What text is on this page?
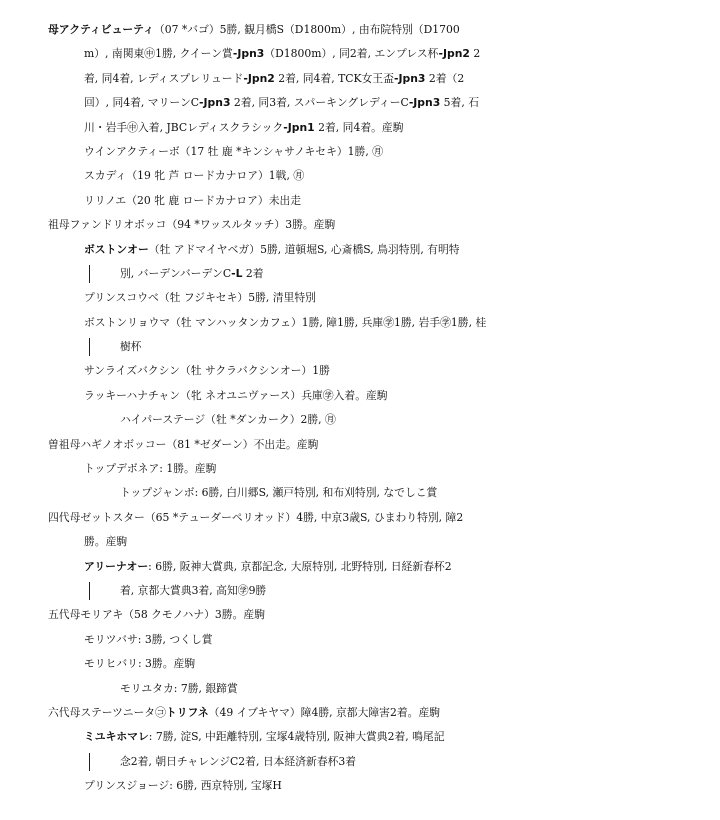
母アクティビューティ（07 *バゴ）5勝, 観月橋S（D1800m）, 由布院特別（D1700
m）, 南関東㊥1勝, クイーン賞-Jpn3（D1800m）, 同2着, エンプレス杯-Jpn2 2
着, 同4着, レディスプレリュード-Jpn2 2着, 同4着, TCK女王盃-Jpn3 2着（2
回）, 同4着, マリーンC-Jpn3 2着, 同3着, スパーキングレディーC-Jpn3 5着, 石
川・岩手㊥入着, JBCレディスクラシック-Jpn1 2着, 同4着。産駒
ウインアクティーボ（17 牡 鹿 *キンシャサノキセキ）1勝, ㊊
スカディ（19 牝 芦 ロードカナロア）1戦, ㊊
リリノエ（20 牝 鹿 ロードカナロア）未出走
祖母ファンドリオボッコ（94 *ワッスルタッチ）3勝。産駒
ボストンオー（牡 アドマイヤベガ）5勝, 道頓堀S, 心斎橋S, 鳥羽特別, 有明特
別, バーデンバーデンC-L 2着
プリンスコウベ（牡 フジキセキ）5勝, 清里特別
ボストンリョウマ（牡 マンハッタンカフェ）1勝, 障1勝, 兵庫㊫1勝, 岩手㊫1勝, 桂
樹杯
サンライズバクシン（牡 サクラバクシンオー）1勝
ラッキーハナチャン（牝 ネオユニヴァース）兵庫㊫入着。産駒
ハイパーステージ（牡 *ダンカーク）2勝, ㊊
曽祖母ハギノオボッコー（81 *ゼダーン）不出走。産駒
トップデボネア: 1勝。産駒
トップジャンボ: 6勝, 白川郷S, 瀬戸特別, 和布刈特別, なでしこ賞
四代母ゼットスター（65 *テューダーペリオッド）4勝, 中京3歳S, ひまわり特別, 障2
勝。産駒
アリーナオー: 6勝, 阪神大賞典, 京都記念, 大原特別, 北野特別, 日経新春杯2
着, 京都大賞典3着, 高知㊫9勝
五代母モリアキ（58 クモノハナ）3勝。産駒
モリツバサ: 3勝, つくし賞
モリヒバリ: 3勝。産駒
モリユタカ: 7勝, 銀蹄賞
六代母ステーツニータ㋙トリフネ（49 イブキヤマ）障4勝, 京都大障害2着。産駒
ミユキホマレ: 7勝, 淀S, 中距離特別, 宝塚4歳特別, 阪神大賞典2着, 鳴尾記
念2着, 朝日チャレンジC2着, 日本経済新春杯3着
プリンスジョージ: 6勝, 西京特別, 宝塚H
